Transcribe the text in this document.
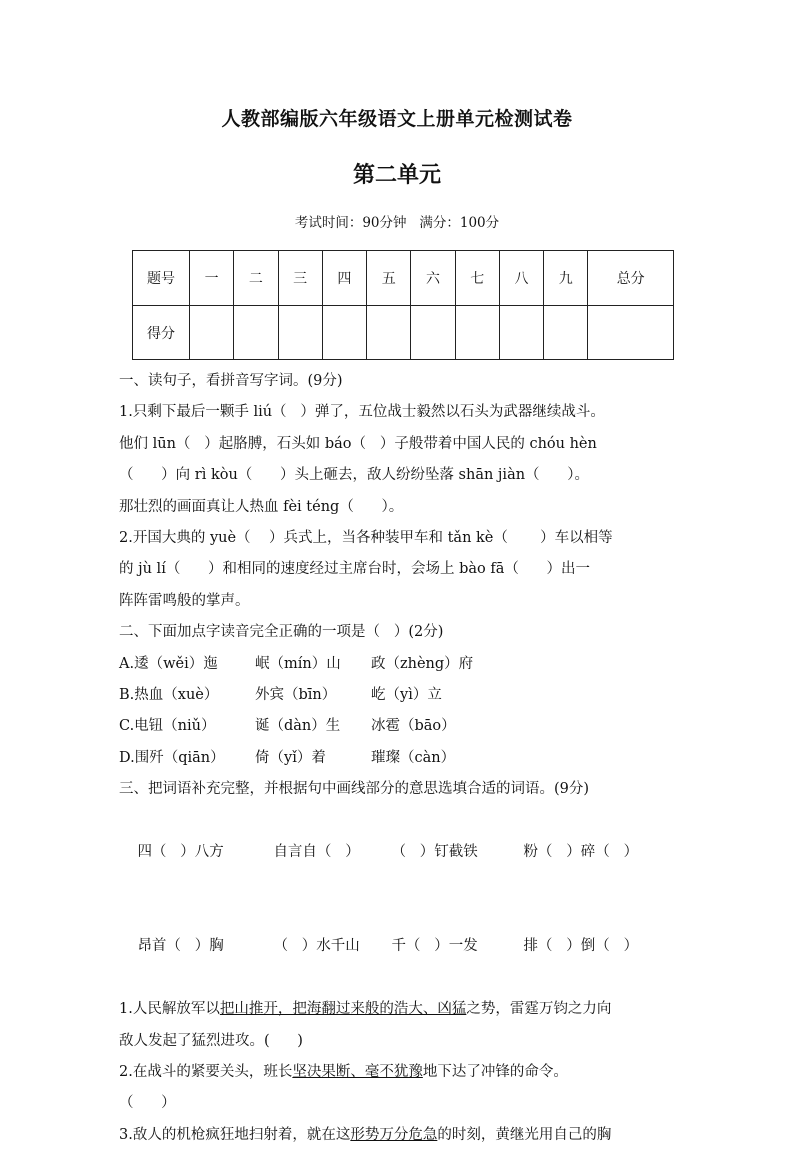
人教部编版六年级语文上册单元检测试卷
第二单元
考试时间：90分钟   满分：100分
题号	一	二	三	四	五	六	七	八	九	总分
得分										

一、读句子，看拼音写字词。(9分)

1.只剩下最后一颗手 liú（   ）弹了，五位战士毅然以石头为武器继续战斗。

他们 lūn（   ）起胳膊，石头如 báo（   ）子般带着中国人民的 chóu hèn

（      ）向 rì kòu（      ）头上砸去，敌人纷纷坠落 shān jiàn（      ）。

那壮烈的画面真让人热血 fèi téng（      ）。

2.开国大典的 yuè（    ）兵式上，当各种装甲车和 tǎn kè（       ）车以相等

的 jù lí（      ）和相同的速度经过主席台时，会场上 bào fā（      ）出一

阵阵雷鸣般的掌声。

二、下面加点字读音完全正确的一项是（   ）(2分)

A.逶（wěi）迤	岷（mín）山 政（zhèng）府

B.热血（xuè）	外宾（bīn） 屹（yì）立

C.电钮（niǔ）	诞（dàn）生 冰雹（bāo）

D.围歼（qiān） 倚（yǐ）着	璀璨（càn）

三、把词语补充完整，并根据句中画线部分的意思选填合适的词语。(9分)

四（   ）八方	自言自（   ） （   ）钉截铁	粉（   ）碎（   ）

昂首（   ）胸	（   ）水千山 千（   ）一发	排（   ）倒（   ）

1.人民解放军以把山推开，把海翻过来般的浩大、凶猛之势，雷霆万钧之力向

敌人发起了猛烈进攻。(      )

2.在战斗的紧要关头，班长坚决果断、毫不犹豫地下达了冲锋的命令。

（      ）

3.敌人的机枪疯狂地扫射着，就在这形势万分危急的时刻，黄继光用自己的胸
